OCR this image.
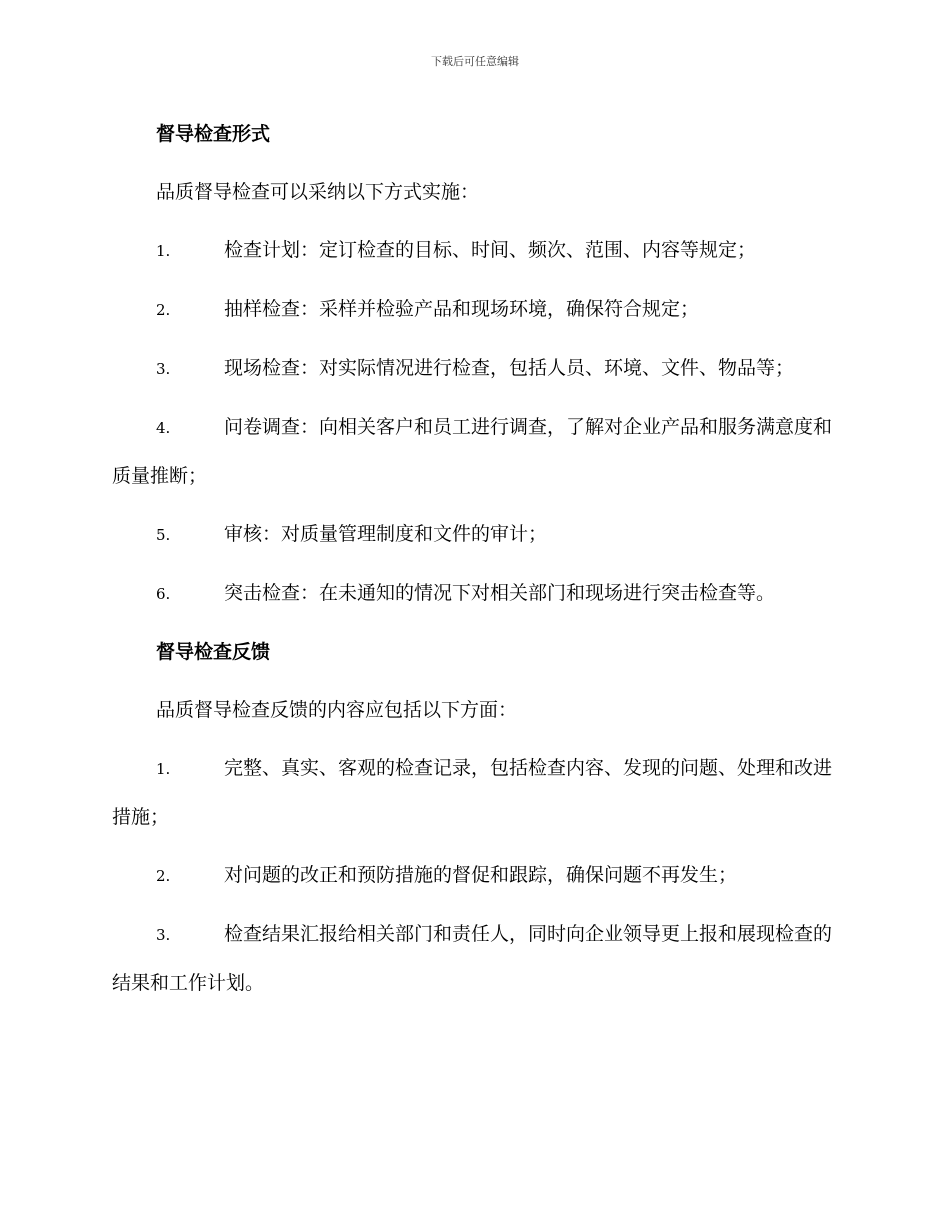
下载后可任意编辑
督导检查形式

品质督导检查可以采纳以下方式实施：

1.	检查计划：定订检查的目标、时间、频次、范围、内容等规定；

2.	抽样检查：采样并检验产品和现场环境，确保符合规定；

3.	现场检查：对实际情况进行检查，包括人员、环境、文件、物品等；

4.	问卷调查：向相关客户和员工进行调查，了解对企业产品和服务满意度和质量推断；

5.	审核：对质量管理制度和文件的审计；

6.	突击检查：在未通知的情况下对相关部门和现场进行突击检查等。

督导检查反馈

品质督导检查反馈的内容应包括以下方面：

1.	完整、真实、客观的检查记录，包括检查内容、发现的问题、处理和改进措施；

2.	对问题的改正和预防措施的督促和跟踪，确保问题不再发生；

3.	检查结果汇报给相关部门和责任人，同时向企业领导更上报和展现检查的结果和工作计划。
